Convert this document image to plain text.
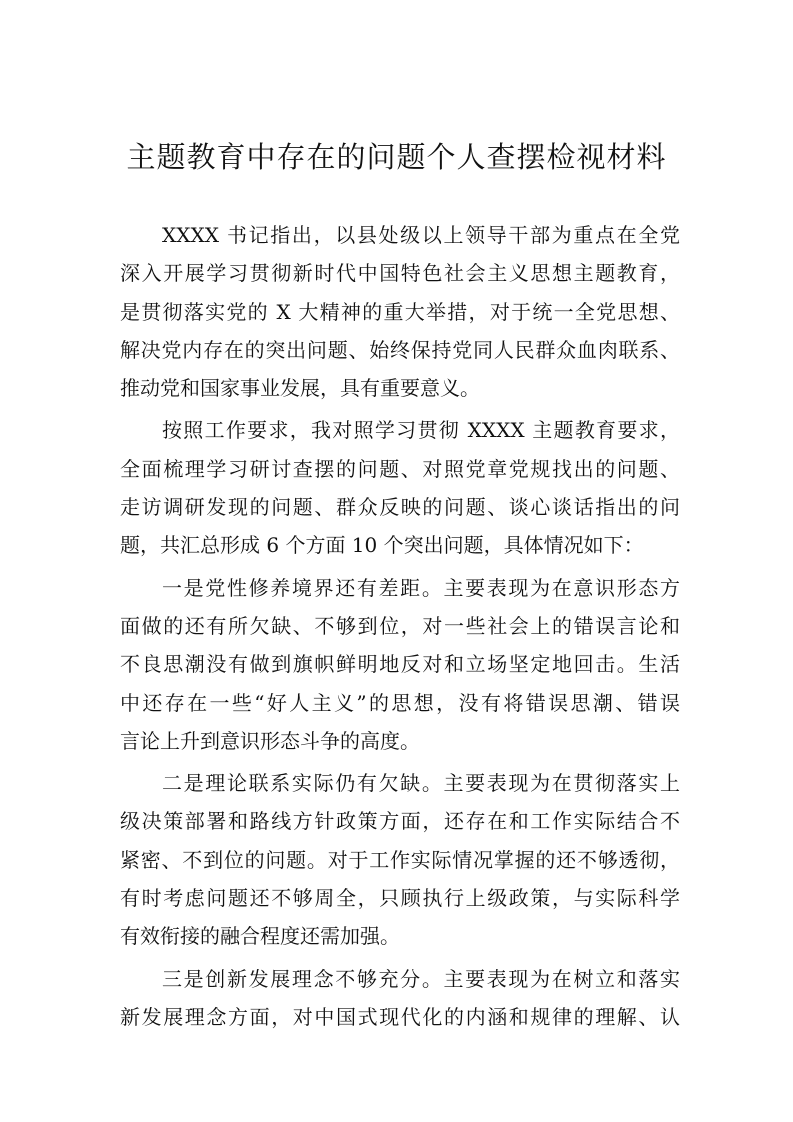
主题教育中存在的问题个人查摆检视材料
XXXX 书记指出，以县处级以上领导干部为重点在全党
深入开展学习贯彻新时代中国特色社会主义思想主题教育，
是贯彻落实党的 X 大精神的重大举措，对于统一全党思想、
解决党内存在的突出问题、始终保持党同人民群众血肉联系、
推动党和国家事业发展，具有重要意义。
按照工作要求，我对照学习贯彻 XXXX 主题教育要求，
全面梳理学习研讨查摆的问题、对照党章党规找出的问题、
走访调研发现的问题、群众反映的问题、谈心谈话指出的问
题，共汇总形成 6 个方面 10 个突出问题，具体情况如下：
一是党性修养境界还有差距。主要表现为在意识形态方
面做的还有所欠缺、不够到位，对一些社会上的错误言论和
不良思潮没有做到旗帜鲜明地反对和立场坚定地回击。生活
中还存在一些“好人主义”的思想，没有将错误思潮、错误
言论上升到意识形态斗争的高度。
二是理论联系实际仍有欠缺。主要表现为在贯彻落实上
级决策部署和路线方针政策方面，还存在和工作实际结合不
紧密、不到位的问题。对于工作实际情况掌握的还不够透彻，
有时考虑问题还不够周全，只顾执行上级政策，与实际科学
有效衔接的融合程度还需加强。
三是创新发展理念不够充分。主要表现为在树立和落实
新发展理念方面，对中国式现代化的内涵和规律的理解、认
